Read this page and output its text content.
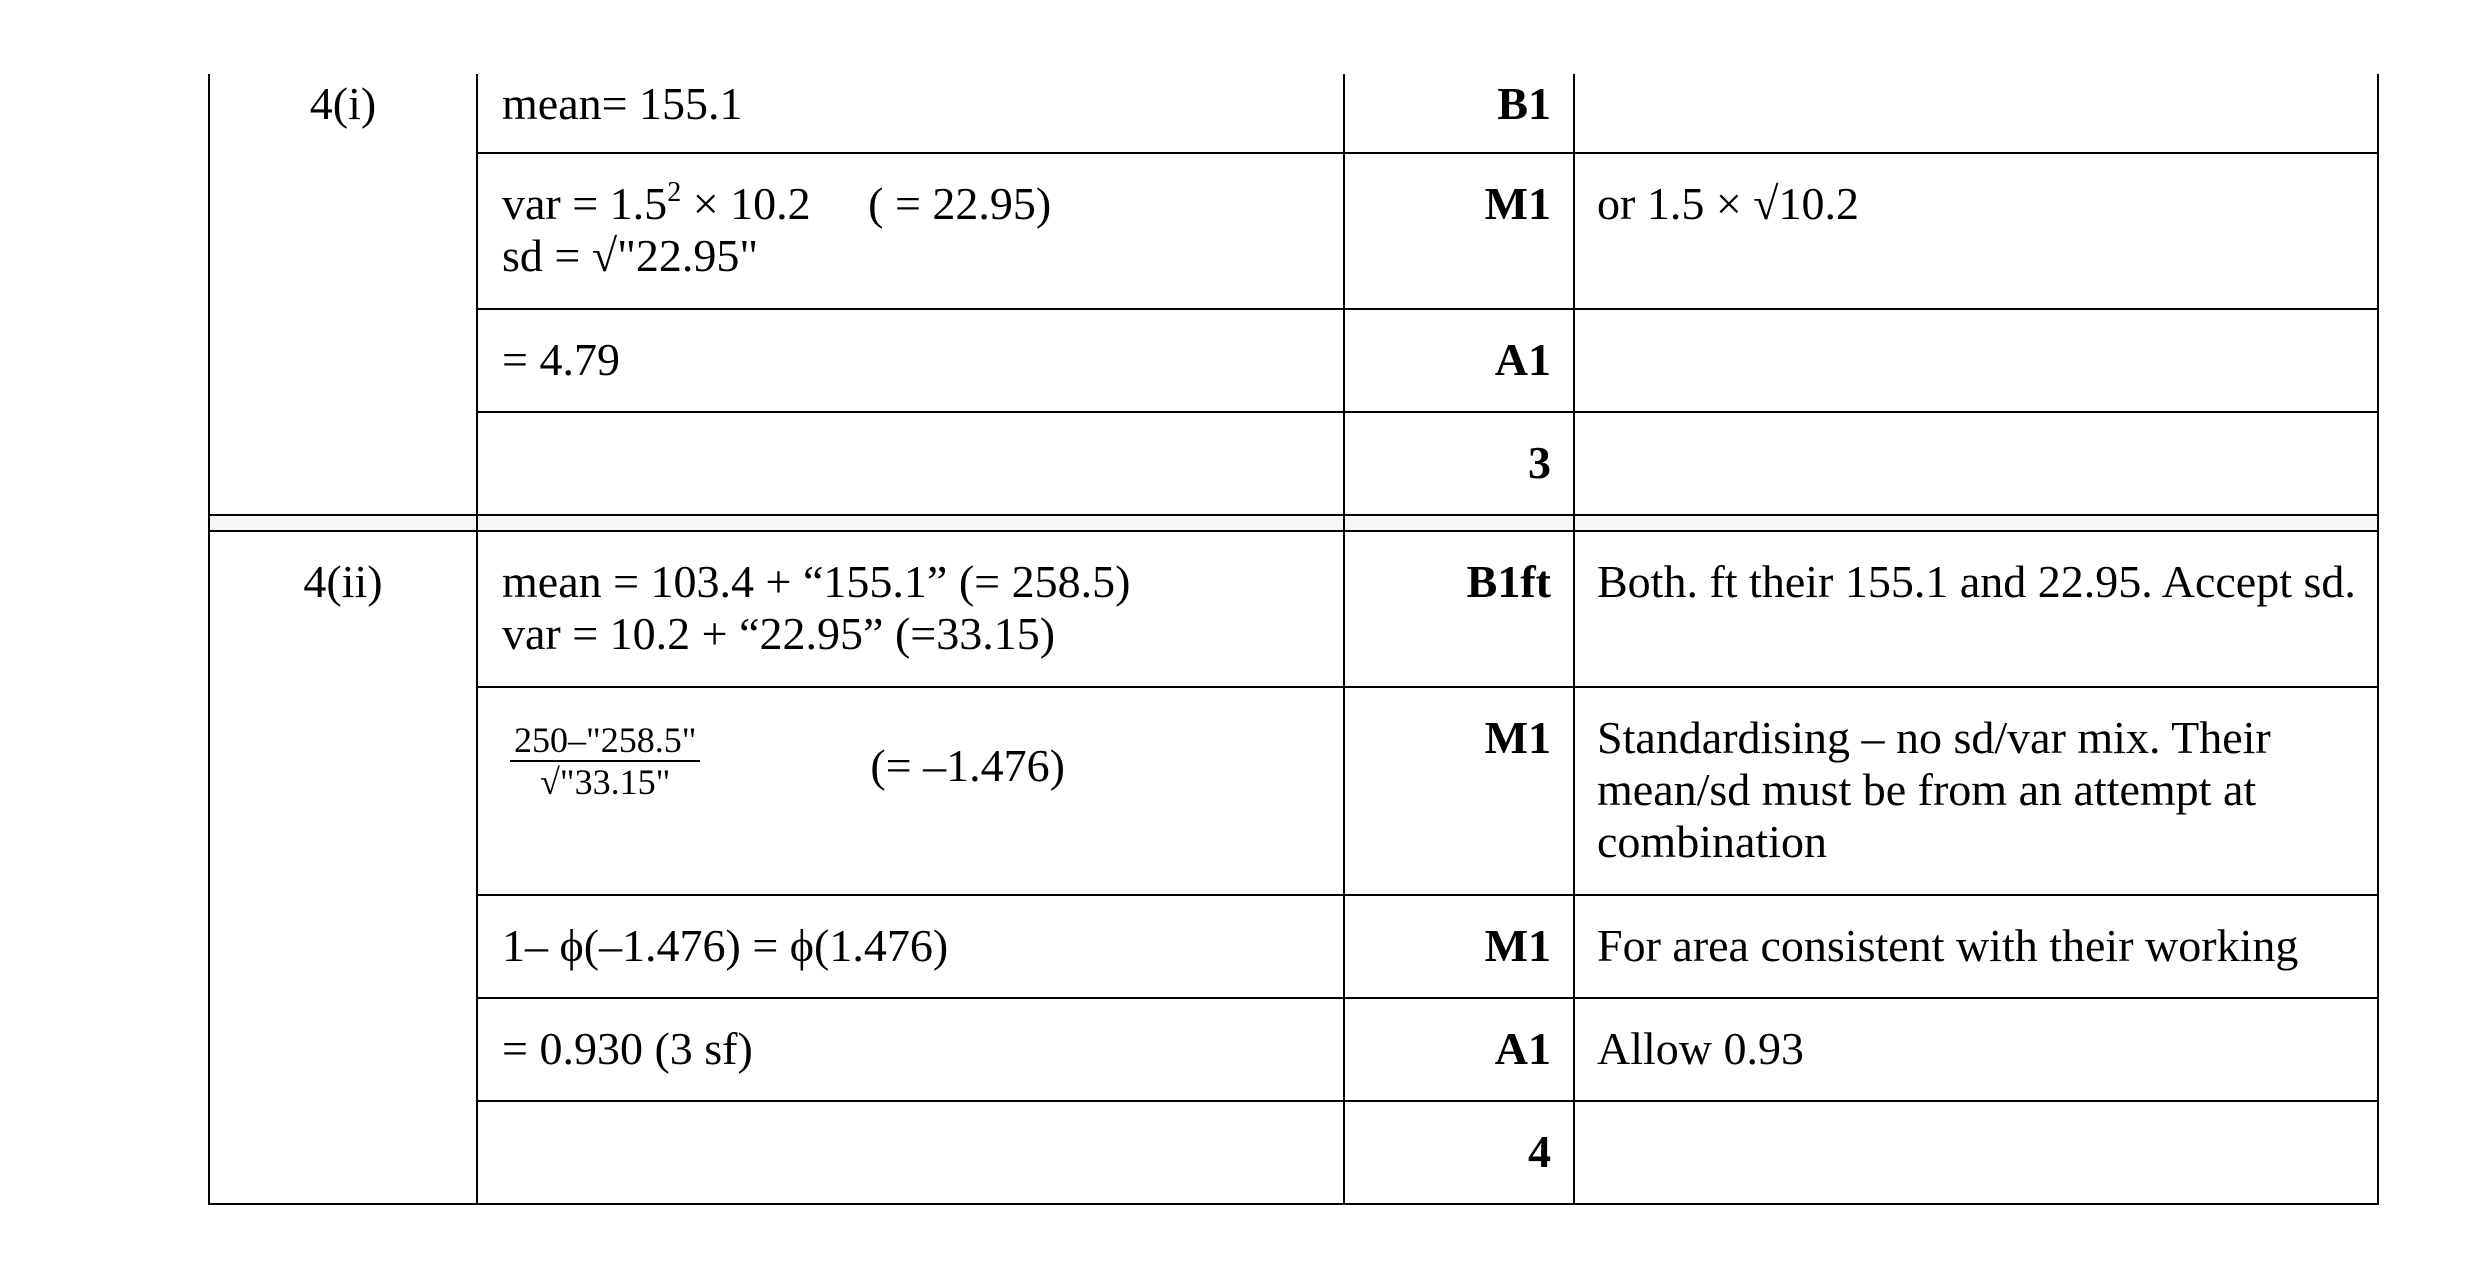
4(i)	mean= 155.1	B1	

	var = $1.5^2 \times 10.2$     ( = 22.95)
sd = √"22.95"	M1	or 1.5 × √10.2

	= 4.79	A1	

		3	

4(ii)	mean = 103.4 + “155.1” (= 258.5)
var = 10.2 + “22.95” (=33.15)	B1ft	Both. ft their 155.1 and 22.95. Accept sd.

	$\frac{250-"258.5"}{√"33.15"}$ (= –1.476)	M1	Standardising – no sd/var mix. Their mean/sd must be from an attempt at combination

	1– ϕ(–1.476) = ϕ(1.476)	M1	For area consistent with their working

	= 0.930 (3 sf)	A1	Allow 0.93

		4	
